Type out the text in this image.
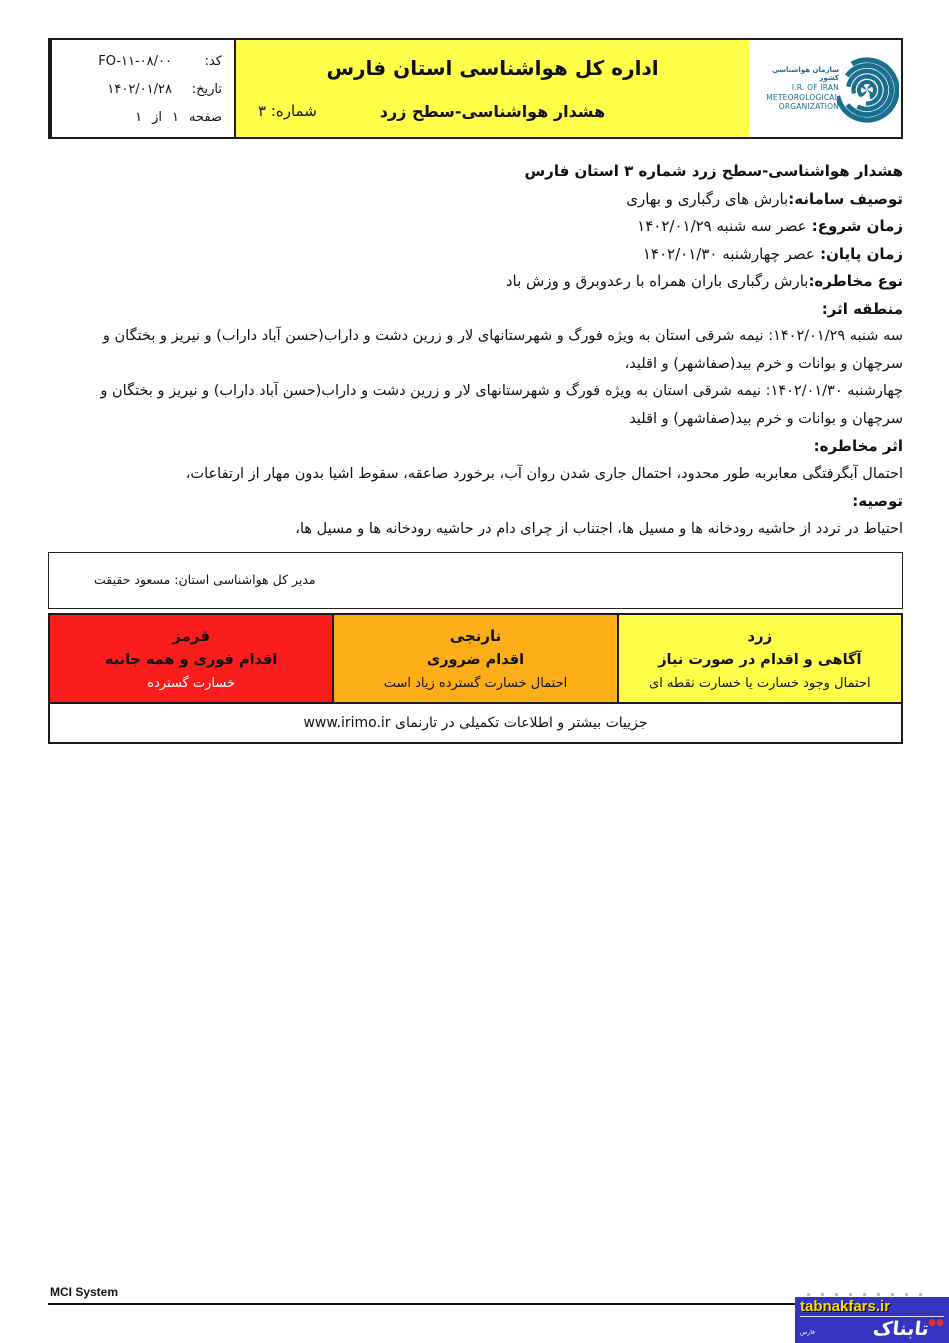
کد:
FO-۱۱-۰۸/۰۰
تاریخ:
۱۴۰۲/۰۱/۲۸
صفحه
۱
از
۱
اداره کل هواشناسی استان فارس
هشدار هواشناسی-سطح زرد
شماره: ۳
سازمان هواشناسی کشور
I.R. OF IRAN
METEOROLOGICAL
ORGANIZATION
هشدار هواشناسی-سطح زرد شماره ۳ استان فارس
توصیف سامانه:بارش های رگباری و بهاری
زمان شروع: عصر سه شنبه ۱۴۰۲/۰۱/۲۹
زمان پایان: عصر چهارشنبه ۱۴۰۲/۰۱/۳۰
نوع مخاطره:بارش رگباری باران همراه با رعدوبرق و وزش باد
منطقه اثر:
سه شنبه ۱۴۰۲/۰۱/۲۹: نیمه شرقی استان به ویژه فورگ و شهرستانهای لار و زرین دشت و داراب(حسن آباد داراب) و نیریز و بختگان و سرچهان و بوانات و خرم بید(صفاشهر) و اقلید،
چهارشنبه ۱۴۰۲/۰۱/۳۰: نیمه شرقی استان به ویژه فورگ و شهرستانهای لار و زرین دشت و داراب(حسن آباد داراب) و نیریز و بختگان و سرچهان و بوانات و خرم بید(صفاشهر) و اقلید
اثر مخاطره:
احتمال آبگرفتگی معابربه طور محدود، احتمال جاری شدن روان آب، برخورد صاعقه، سقوط اشیا بدون مهار از ارتفاعات،
توصیه:
احتیاط در تردد از حاشیه رودخانه ها و مسیل ها، اجتناب از چرای دام در حاشیه رودخانه ها و مسیل ها،
مدیر کل هواشناسی استان: مسعود حقیقت
قرمز
اقدام فوری و همه جانبه
خسارت گسترده
نارنجی
اقدام ضروری
احتمال خسارت گسترده زیاد است
زرد
آگاهی و اقدام در صورت نیاز
احتمال وجود خسارت یا خسارت نقطه ای
جزییات بیشتر و اطلاعات تکمیلی در تارنمای www.irimo.ir
MCI System
tabnakfars.ir
●●
تابناک
فارس
